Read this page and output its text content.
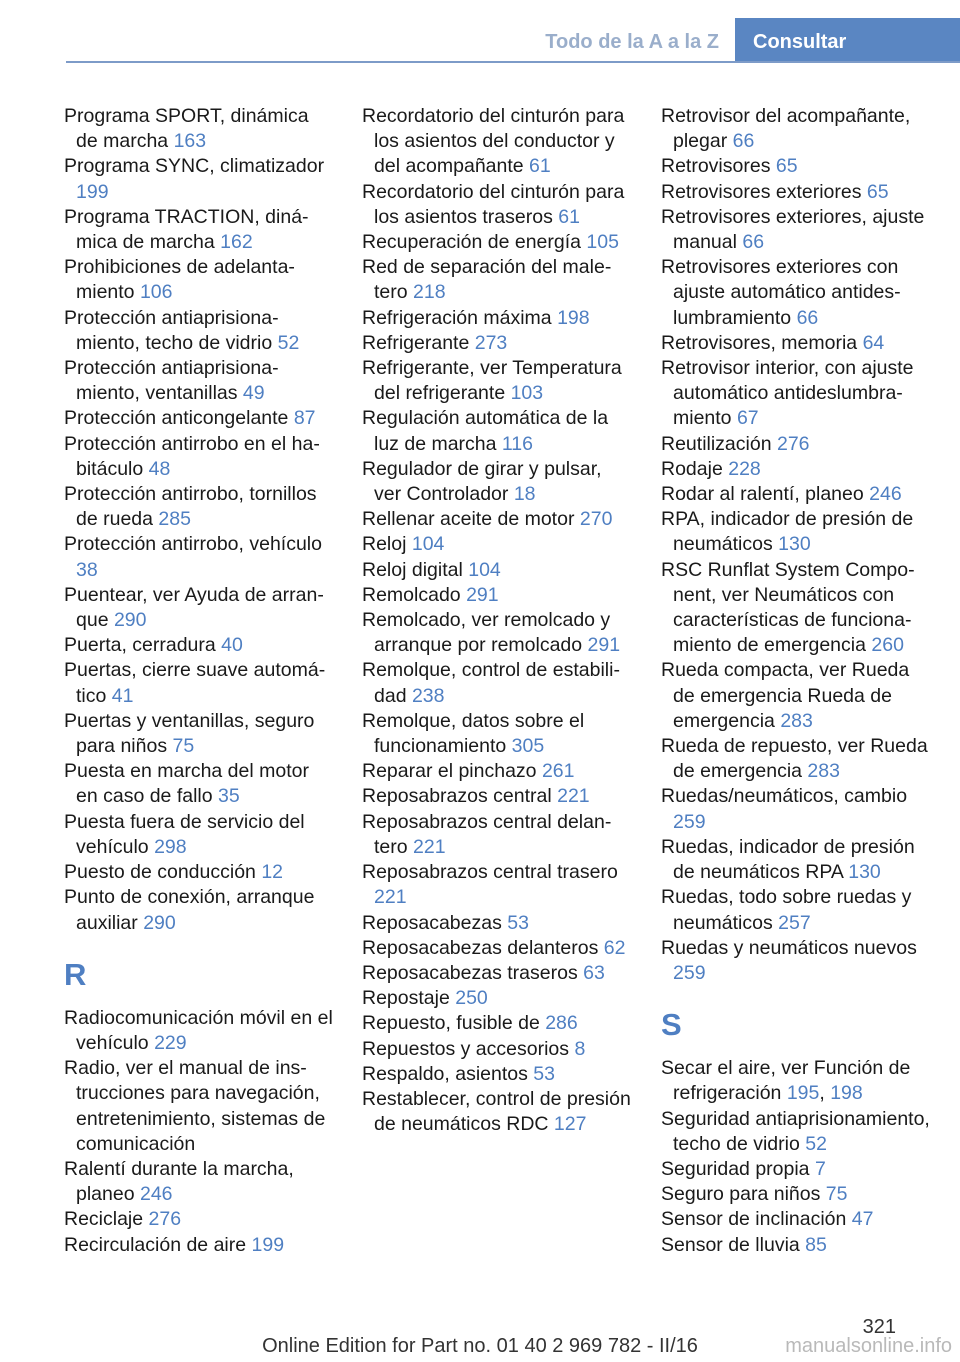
Todo de la A a la Z	Consultar

Programa SPORT, dinámica de marcha 163

Programa SYNC, climatizador 199

Programa TRACTION, dinámica de marcha 162

Prohibiciones de adelantamiento 106

Protección antiaprisionamiento, techo de vidrio 52

Protección antiaprisionamiento, ventanillas 49

Protección anticongelante 87

Protección antirrobo en el habitáculo 48

Protección antirrobo, tornillos de rueda 285

Protección antirrobo, vehículo 38

Puentear, ver Ayuda de arranque 290

Puerta, cerradura 40

Puertas, cierre suave automático 41

Puertas y ventanillas, seguro para niños 75

Puesta en marcha del motor en caso de fallo 35

Puesta fuera de servicio del vehículo 298

Puesto de conducción 12

Punto de conexión, arranque auxiliar 290

R

Radiocomunicación móvil en el vehículo 229

Radio, ver el manual de instrucciones para navegación, entretenimiento, sistemas de comunicación

Ralentí durante la marcha, planeo 246

Reciclaje 276

Recirculación de aire 199

Recordatorio del cinturón para los asientos del conductor y del acompañante 61

Recordatorio del cinturón para los asientos traseros 61

Recuperación de energía 105

Red de separación del maletero 218

Refrigeración máxima 198

Refrigerante 273

Refrigerante, ver Temperatura del refrigerante 103

Regulación automática de la luz de marcha 116

Regulador de girar y pulsar, ver Controlador 18

Rellenar aceite de motor 270

Reloj 104

Reloj digital 104

Remolcado 291

Remolcado, ver remolcado y arranque por remolcado 291

Remolque, control de estabilidad 238

Remolque, datos sobre el funcionamiento 305

Reparar el pinchazo 261

Reposabrazos central 221

Reposabrazos central delantero 221

Reposabrazos central trasero 221

Reposacabezas 53

Reposacabezas delanteros 62

Reposacabezas traseros 63

Repostaje 250

Repuesto, fusible de 286

Repuestos y accesorios 8

Respaldo, asientos 53

Restablecer, control de presión de neumáticos RDC 127

Retrovisor del acompañante, plegar 66

Retrovisores 65

Retrovisores exteriores 65

Retrovisores exteriores, ajuste manual 66

Retrovisores exteriores con ajuste automático antideslumbramiento 66

Retrovisores, memoria 64

Retrovisor interior, con ajuste automático antideslumbramiento 67

Reutilización 276

Rodaje 228

Rodar al ralentí, planeo 246

RPA, indicador de presión de neumáticos 130

RSC Runflat System Component, ver Neumáticos con características de funcionamiento de emergencia 260

Rueda compacta, ver Rueda de emergencia Rueda de emergencia 283

Rueda de repuesto, ver Rueda de emergencia 283

Ruedas/neumáticos, cambio 259

Ruedas, indicador de presión de neumáticos RPA 130

Ruedas, todo sobre ruedas y neumáticos 257

Ruedas y neumáticos nuevos 259

S

Secar el aire, ver Función de refrigeración 195, 198

Seguridad antiaprisionamiento, techo de vidrio 52

Seguridad propia 7

Seguro para niños 75

Sensor de inclinación 47

Sensor de lluvia 85

321
Online Edition for Part no. 01 40 2 969 782 - II/16	manualsonline.info
